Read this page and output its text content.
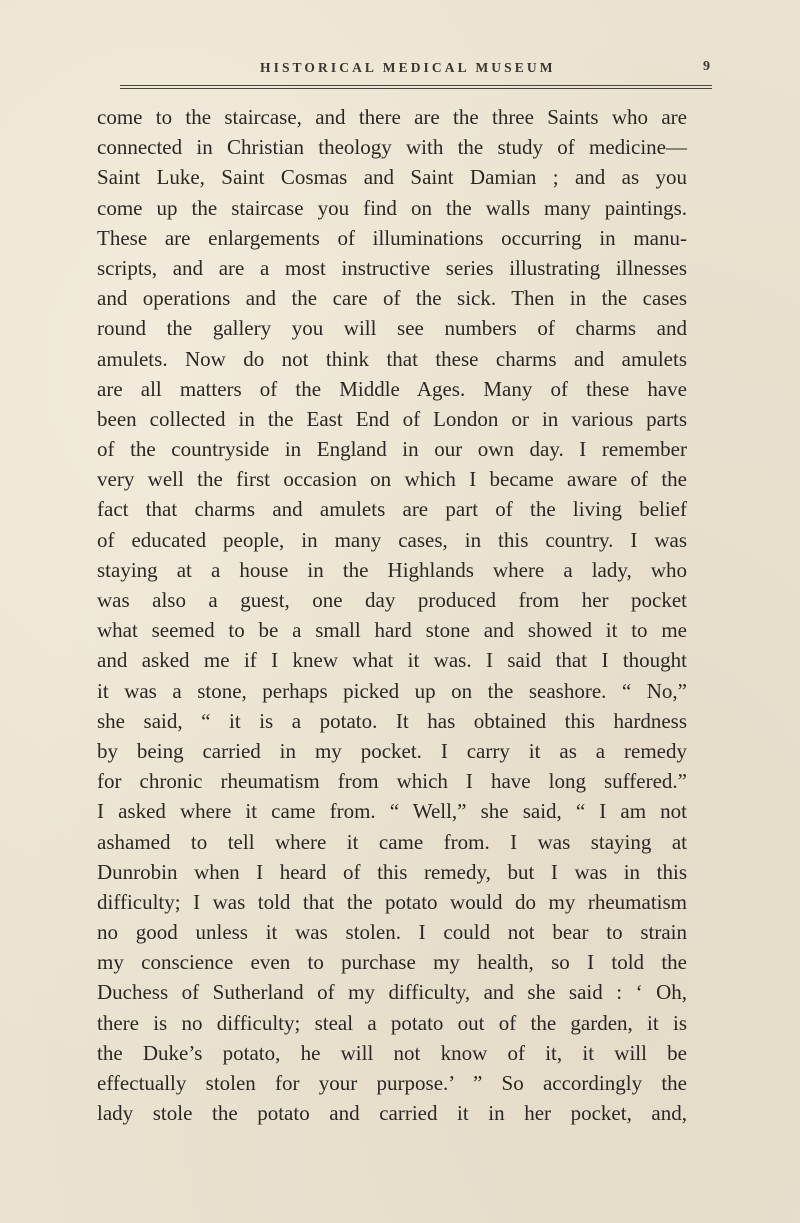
HISTORICAL MEDICAL MUSEUM	9
come to the staircase, and there are the three Saints who are
connected in Christian theology with the study of medicine—
Saint Luke, Saint Cosmas and Saint Damian ; and as you
come up the staircase you find on the walls many paintings.
These are enlargements of illuminations occurring in manu-
scripts, and are a most instructive series illustrating illnesses
and operations and the care of the sick. Then in the cases
round the gallery you will see numbers of charms and
amulets. Now do not think that these charms and amulets
are all matters of the Middle Ages. Many of these have
been collected in the East End of London or in various parts
of the countryside in England in our own day. I remember
very well the first occasion on which I became aware of the
fact that charms and amulets are part of the living belief
of educated people, in many cases, in this country. I was
staying at a house in the Highlands where a lady, who
was also a guest, one day produced from her pocket
what seemed to be a small hard stone and showed it to me
and asked me if I knew what it was. I said that I thought
it was a stone, perhaps picked up on the seashore. “ No,”
she said, “ it is a potato. It has obtained this hardness
by being carried in my pocket. I carry it as a remedy
for chronic rheumatism from which I have long suffered.”
I asked where it came from. “ Well,” she said, “ I am not
ashamed to tell where it came from. I was staying at
Dunrobin when I heard of this remedy, but I was in this
difficulty; I was told that the potato would do my rheumatism
no good unless it was stolen. I could not bear to strain
my conscience even to purchase my health, so I told the
Duchess of Sutherland of my difficulty, and she said : ‘ Oh,
there is no difficulty; steal a potato out of the garden, it is
the Duke’s potato, he will not know of it, it will be
effectually stolen for your purpose.’ ” So accordingly the
lady stole the potato and carried it in her pocket, and,
